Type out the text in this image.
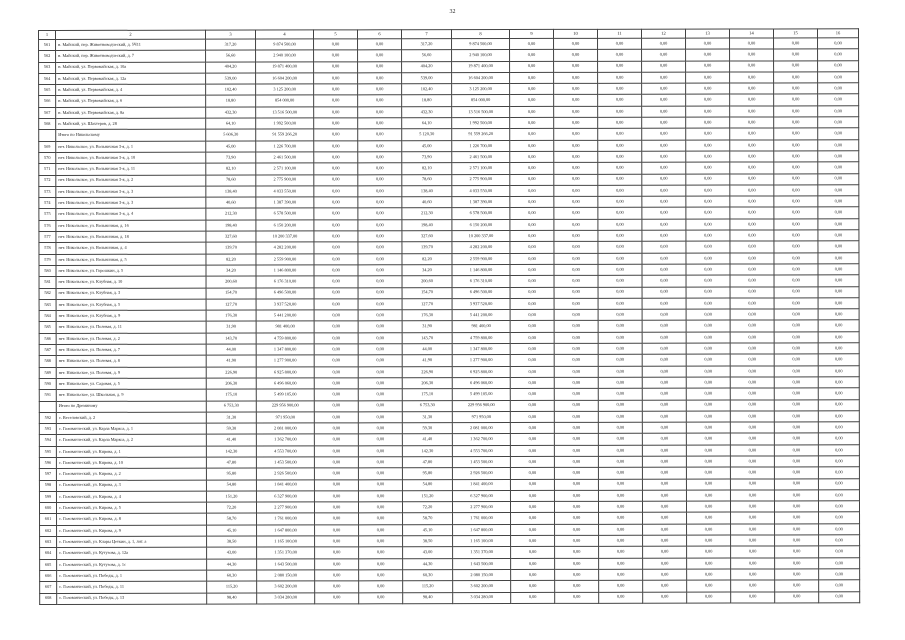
32
1	2	3	4	5	6	7	8	9	10	11	12	13	14	15	16
561	п. Майский, пер. Животноводческий, д. 5Ч11	317,20	9 874 500,00	0,00	0,00	317,20	9 874 500,00	0,00	0,00	0,00	0,00	0,00	0,00	0,00	0,00
562	п. Майский, пер. Животноводческий, д. 7	56,60	2 940 100,00	0,00	0,00	56,60	2 940 100,00	0,00	0,00	0,00	0,00	0,00	0,00	0,00	0,00
563	п. Майский, ул. Первомайская, д. 10а	404,20	19 871 400,00	0,00	0,00	404,20	19 871 400,00	0,00	0,00	0,00	0,00	0,00	0,00	0,00	0,00
564	п. Майский, ул. Первомайская, д. 12а	539,00	16 604 200,00	0,00	0,00	539,00	16 604 200,00	0,00	0,00	0,00	0,00	0,00	0,00	0,00	0,00
565	п. Майский, ул. Первомайская, д. 4	102,40	3 125 200,00	0,00	0,00	102,40	3 125 200,00	0,00	0,00	0,00	0,00	0,00	0,00	0,00	0,00
566	п. Майский, ул. Первомайская, д. 6	18,80	854 000,00	0,00	0,00	18,80	854 000,00	0,00	0,00	0,00	0,00	0,00	0,00	0,00	0,00
567	п. Майский, ул. Первомайская, д. 8а	432,30	13 516 500,00	0,00	0,00	432,30	13 516 500,00	0,00	0,00	0,00	0,00	0,00	0,00	0,00	0,00
568	п. Майский, ул. Шахтеров, д. 28	64,10	1 992 500,00	0,00	0,00	64,10	1 992 500,00	0,00	0,00	0,00	0,00	0,00	0,00	0,00	0,00
	Итого по Никольскому	5 606,30	91 559 266,20	0,00	0,00	5 120,30	91 559 266,20	0,00	0,00	0,00	0,00	0,00	0,00	0,00	0,00
569	пгт. Никольское, ул. Вольничная 3-я, д. 1	45,00	1 226 700,00	0,00	0,00	45,00	1 226 700,00	0,00	0,00	0,00	0,00	0,00	0,00	0,00	0,00
570	пгт. Никольское, ул. Вольничная 3-я, д. 10	73,90	2 461 500,00	0,00	0,00	73,90	2 461 500,00	0,00	0,00	0,00	0,00	0,00	0,00	0,00	0,00
571	пгт. Никольское, ул. Вольничная 3-я, д. 11	82,10	2 571 100,00	0,00	0,00	82,10	2 571 100,00	0,00	0,00	0,00	0,00	0,00	0,00	0,00	0,00
572	пгт. Никольское, ул. Вольничная 3-я, д. 2	78,60	2 775 900,00	0,00	0,00	78,60	2 775 900,00	0,00	0,00	0,00	0,00	0,00	0,00	0,00	0,00
573	пгт. Никольское, ул. Вольничная 3-я, д. 3	138,40	4 033 550,00	0,00	0,00	138,40	4 033 550,00	0,00	0,00	0,00	0,00	0,00	0,00	0,00	0,00
574	пгт. Никольское, ул. Вольничная 3-я, д. 3	40,60	1 387 390,00	0,00	0,00	40,60	1 387 390,00	0,00	0,00	0,00	0,00	0,00	0,00	0,00	0,00
575	пгт. Никольское, ул. Вольничная 3-я, д. 4	212,30	6 578 500,00	0,00	0,00	212,30	6 578 500,00	0,00	0,00	0,00	0,00	0,00	0,00	0,00	0,00
576	пгт. Никольское, ул. Вольничная, д. 16	198,40	6 150 200,00	0,00	0,00	198,40	6 150 200,00	0,00	0,00	0,00	0,00	0,00	0,00	0,00	0,00
577	пгт. Никольское, ул. Вольничная, д. 18	327,60	10 200 337,00	0,00	0,00	327,60	10 200 337,00	0,00	0,00	0,00	0,00	0,00	0,00	0,00	0,00
578	пгт. Никольское, ул. Вольничная, д. 4	139,70	4 282 200,00	0,00	0,00	139,70	4 282 200,00	0,00	0,00	0,00	0,00	0,00	0,00	0,00	0,00
579	пгт. Никольское, ул. Вольничная, д. 5	82,20	2 559 900,00	0,00	0,00	82,20	2 559 900,00	0,00	0,00	0,00	0,00	0,00	0,00	0,00	0,00
580	пгт. Никольское, ул. Горошкин, д. 5	34,20	1 146 800,00	0,00	0,00	34,20	1 146 800,00	0,00	0,00	0,00	0,00	0,00	0,00	0,00	0,00
581	пгт. Никольское, ул. Клубная, д. 10	200,60	6 176 310,00	0,00	0,00	200,60	6 176 310,00	0,00	0,00	0,00	0,00	0,00	0,00	0,00	0,00
582	пгт. Никольское, ул. Клубная, д. 3	154,70	6 496 500,00	0,00	0,00	154,70	6 496 500,00	0,00	0,00	0,00	0,00	0,00	0,00	0,00	0,00
583	пгт. Никольское, ул. Клубная, д. 5	127,70	3 937 520,00	0,00	0,00	127,70	3 937 520,00	0,00	0,00	0,00	0,00	0,00	0,00	0,00	0,00
584	пгт. Никольское, ул. Клубная, д. 9	176,30	5 441 200,00	0,00	0,00	176,30	5 441 200,00	0,00	0,00	0,00	0,00	0,00	0,00	0,00	0,00
585	пгт. Никольское, ул. Полевая, д. 11	31,90	981 400,00	0,00	0,00	31,90	981 400,00	0,00	0,00	0,00	0,00	0,00	0,00	0,00	0,00
586	пгт. Никольское, ул. Полевая, д. 2	143,70	4 759 800,00	0,00	0,00	143,70	4 759 800,00	0,00	0,00	0,00	0,00	0,00	0,00	0,00	0,00
587	пгт. Никольское, ул. Полевая, д. 7	44,00	1 347 800,00	0,00	0,00	44,00	1 347 800,00	0,00	0,00	0,00	0,00	0,00	0,00	0,00	0,00
588	пгт. Никольское, ул. Полевая, д. 8	41,90	1 277 900,00	0,00	0,00	41,90	1 277 900,00	0,00	0,00	0,00	0,00	0,00	0,00	0,00	0,00
589	пгт. Никольское, ул. Полевая, д. 9	226,90	6 925 800,00	0,00	0,00	226,90	6 925 800,00	0,00	0,00	0,00	0,00	0,00	0,00	0,00	0,00
590	пгт. Никольское, ул. Садовая, д. 5	206,30	6 496 060,00	0,00	0,00	206,30	6 496 060,00	0,00	0,00	0,00	0,00	0,00	0,00	0,00	0,00
591	пгт. Никольское, ул. Школьная, д. 9	175,10	5 499 105,00	0,00	0,00	175,10	5 499 105,00	0,00	0,00	0,00	0,00	0,00	0,00	0,00	0,00
	Итого по Дреминому	6 753,30	229 956 900,00	0,00	0,00	6 753,30	229 956 900,00	0,00	0,00	0,00	0,00	0,00	0,00	0,00	0,00
592	с. Веселовский, д. 2	31,30	971 950,00	0,00	0,00	31,30	971 950,00	0,00	0,00	0,00	0,00	0,00	0,00	0,00	0,00
593	с. Голованческий, ул. Карла Маркса, д. 1	59,30	2 081 000,00	0,00	0,00	59,30	2 081 000,00	0,00	0,00	0,00	0,00	0,00	0,00	0,00	0,00
594	с. Голованческий, ул. Карла Маркса, д. 2	41,40	1 362 700,00	0,00	0,00	41,40	1 362 700,00	0,00	0,00	0,00	0,00	0,00	0,00	0,00	0,00
595	с. Голованческий, ул. Кирова, д. 1	142,30	4 553 700,00	0,00	0,00	142,30	4 553 700,00	0,00	0,00	0,00	0,00	0,00	0,00	0,00	0,00
596	с. Голованческий, ул. Кирова, д. 10	47,80	1 453 500,00	0,00	0,00	47,80	1 453 500,00	0,00	0,00	0,00	0,00	0,00	0,00	0,00	0,00
597	с. Голованческий, ул. Кирова, д. 2	95,80	2 926 500,00	0,00	0,00	95,80	2 926 500,00	0,00	0,00	0,00	0,00	0,00	0,00	0,00	0,00
598	с. Голованческий, ул. Кирова, д. 3	54,80	1 841 400,00	0,00	0,00	54,80	1 841 400,00	0,00	0,00	0,00	0,00	0,00	0,00	0,00	0,00
599	с. Голованческий, ул. Кирова, д. 4	151,20	6 327 900,00	0,00	0,00	151,20	6 327 900,00	0,00	0,00	0,00	0,00	0,00	0,00	0,00	0,00
600	с. Голованческий, ул. Кирова, д. 5	72,20	2 277 900,00	0,00	0,00	72,20	2 277 900,00	0,00	0,00	0,00	0,00	0,00	0,00	0,00	0,00
601	с. Голованческий, ул. Кирова, д. 8	58,70	1 761 000,00	0,00	0,00	58,70	1 761 000,00	0,00	0,00	0,00	0,00	0,00	0,00	0,00	0,00
602	с. Голованческий, ул. Кирова, д. 9	45,10	1 647 800,00	0,00	0,00	45,10	1 647 800,00	0,00	0,00	0,00	0,00	0,00	0,00	0,00	0,00
603	с. Голованческий, ул. Клары Цеткин, д. 1, лит. а	38,50	1 165 100,00	0,00	0,00	38,50	1 165 100,00	0,00	0,00	0,00	0,00	0,00	0,00	0,00	0,00
604	с. Голованческий, ул. Кутузова, д. 12а	43,00	1 351 370,00	0,00	0,00	43,00	1 351 370,00	0,00	0,00	0,00	0,00	0,00	0,00	0,00	0,00
605	с. Голованческий, ул. Кутузова, д. 1с	44,30	1 643 500,00	0,00	0,00	44,30	1 643 500,00	0,00	0,00	0,00	0,00	0,00	0,00	0,00	0,00
606	с. Голованческий, ул. Победы, д. 1	60,30	2 080 150,00	0,00	0,00	60,30	2 080 150,00	0,00	0,00	0,00	0,00	0,00	0,00	0,00	0,00
607	с. Голованческий, ул. Победы, д. 11	115,20	3 602 200,00	0,00	0,00	115,20	3 602 200,00	0,00	0,00	0,00	0,00	0,00	0,00	0,00	0,00
608	с. Голованческий, ул. Победы, д. 13	98,40	3 034 280,00	0,00	0,00	98,40	3 034 280,00	0,00	0,00	0,00	0,00	0,00	0,00	0,00	0,00
